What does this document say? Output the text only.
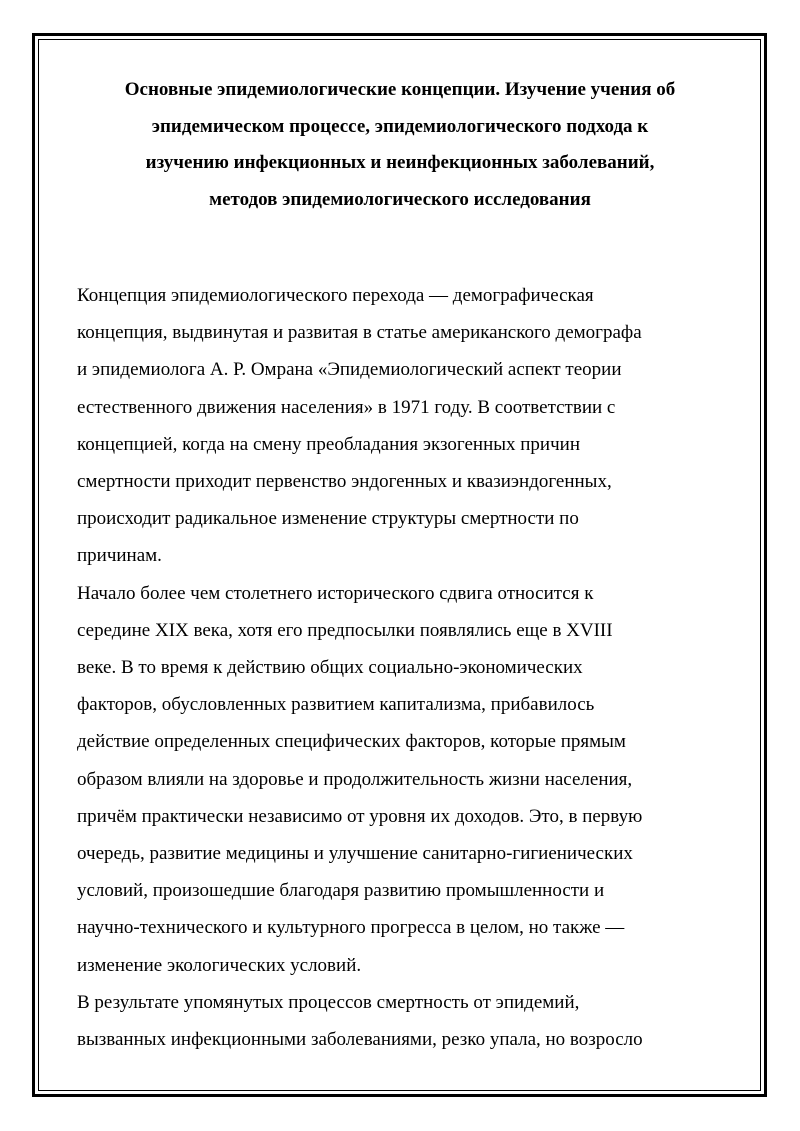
Основные эпидемиологические концепции. Изучение учения об
эпидемическом процессе, эпидемиологического подхода к
изучению инфекционных и неинфекционных заболеваний,
методов эпидемиологического исследования
Концепция эпидемиологического перехода — демографическая
концепция, выдвинутая и развитая в статье американского демографа
и эпидемиолога А. Р. Омрана «Эпидемиологический аспект теории
естественного движения населения» в 1971 году. В соответствии с
концепцией, когда на смену преобладания экзогенных причин
смертности приходит первенство эндогенных и квазиэндогенных,
происходит радикальное изменение структуры смертности по
причинам.
Начало более чем столетнего исторического сдвига относится к
середине XIX века, хотя его предпосылки появлялись еще в XVIII
веке. В то время к действию общих социально-экономических
факторов, обусловленных развитием капитализма, прибавилось
действие определенных специфических факторов, которые прямым
образом влияли на здоровье и продолжительность жизни населения,
причём практически независимо от уровня их доходов. Это, в первую
очередь, развитие медицины и улучшение санитарно-гигиенических
условий, произошедшие благодаря развитию промышленности и
научно-технического и культурного прогресса в целом, но также —
изменение экологических условий.
В результате упомянутых процессов смертность от эпидемий,
вызванных инфекционными заболеваниями, резко упала, но возросло
